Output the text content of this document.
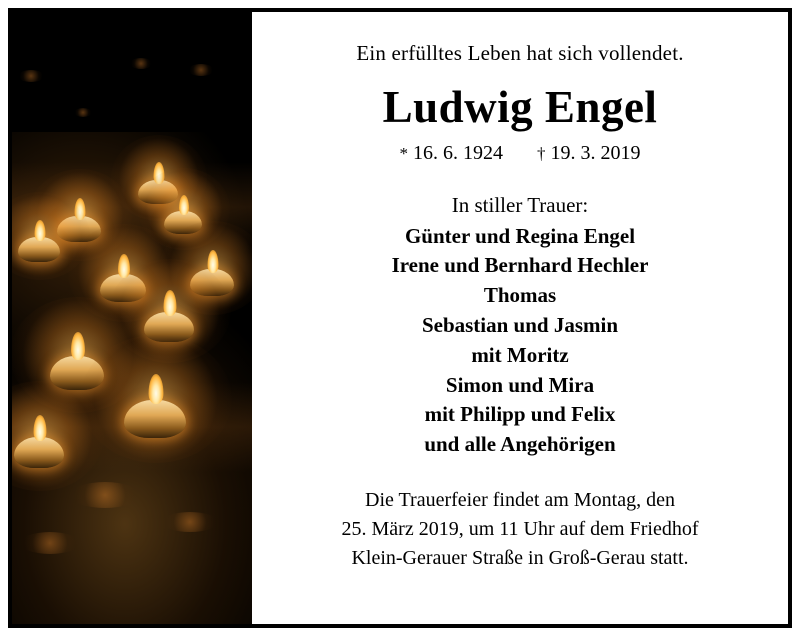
Ein erfülltes Leben hat sich vollendet.
Ludwig Engel
* 16. 6. 1924 † 19. 3. 2019
In stiller Trauer:
Günter und Regina Engel
Irene und Bernhard Hechler
Thomas
Sebastian und Jasmin
mit Moritz
Simon und Mira
mit Philipp und Felix
und alle Angehörigen
Die Trauerfeier findet am Montag, den
25. März 2019, um 11 Uhr auf dem Friedhof
Klein-Gerauer Straße in Groß-Gerau statt.
